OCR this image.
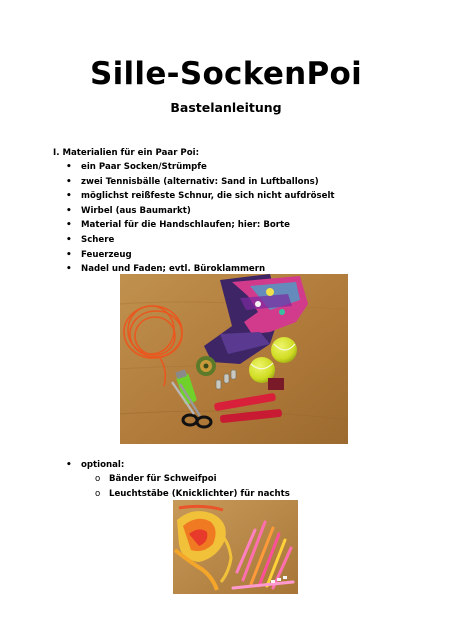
Sille-SockenPoi
Bastelanleitung
I. Materialien für ein Paar Poi:
• ein Paar Socken/Strümpfe
• zwei Tennisbälle (alternativ: Sand in Luftballons)
• möglichst reißfeste Schnur, die sich nicht aufdröselt
• Wirbel (aus Baumarkt)
• Material für die Handschlaufen; hier: Borte
• Schere
• Feuerzeug
• Nadel und Faden; evtl. Büroklammern
• optional:
o Bänder für Schweifpoi
o Leuchtstäbe (Knicklichter) für nachts
